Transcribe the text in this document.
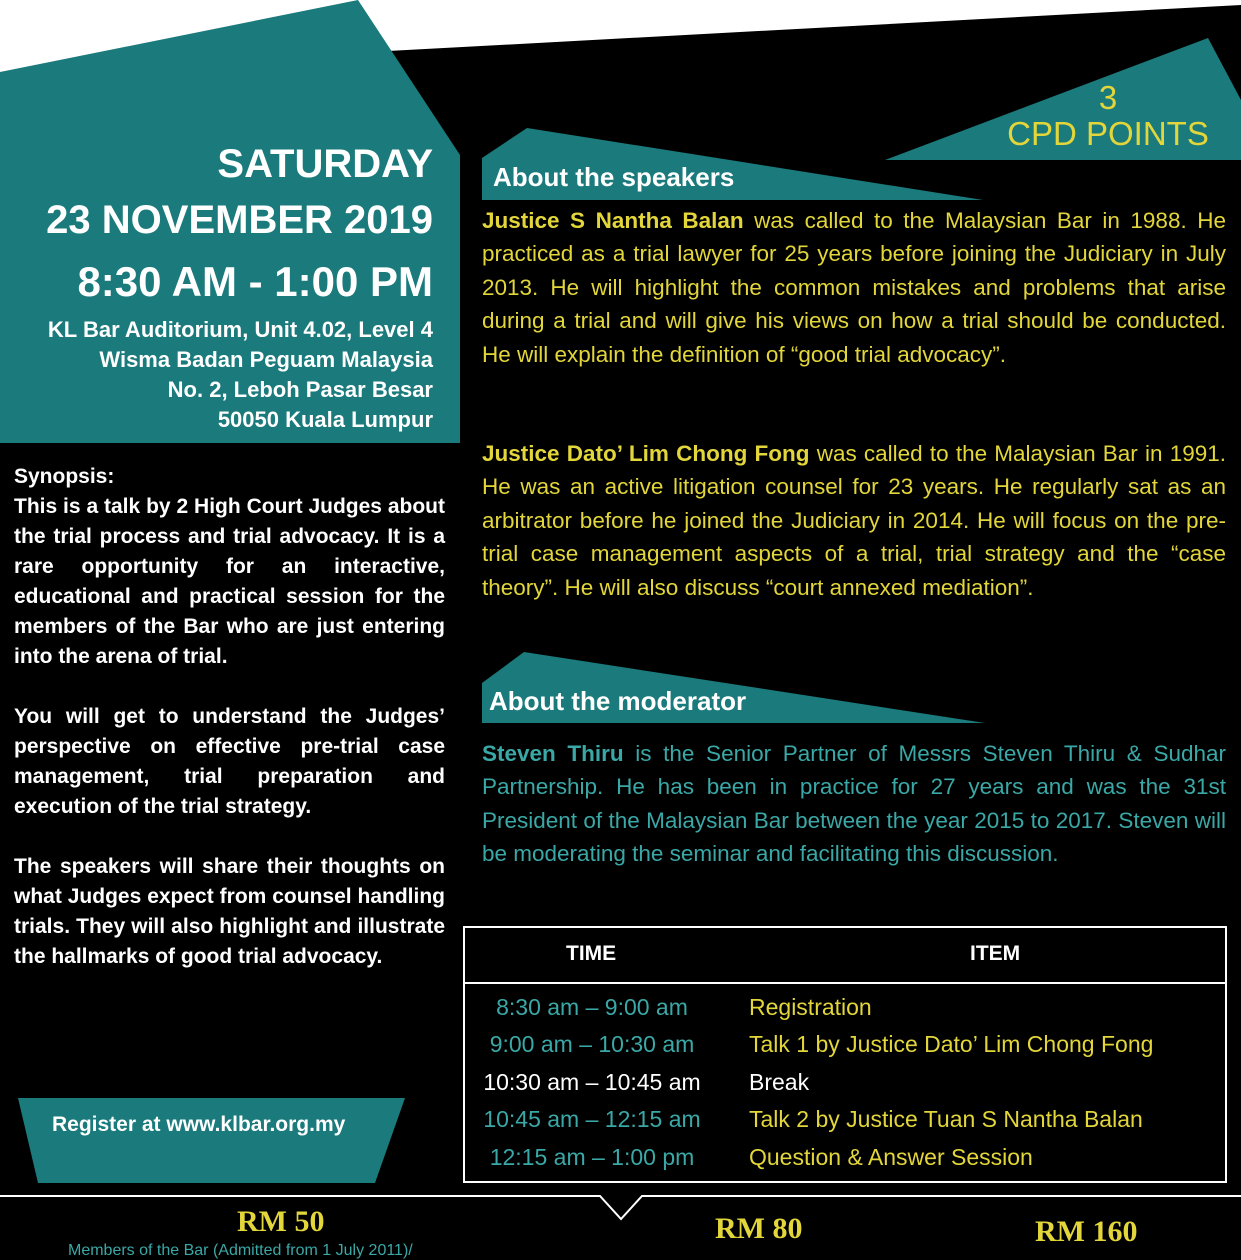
SATURDAY
23 NOVEMBER 2019
8:30 AM - 1:00 PM
KL Bar Auditorium, Unit 4.02, Level 4
Wisma Badan Peguam Malaysia
No. 2, Leboh Pasar Besar
50050 Kuala Lumpur
3
CPD POINTS
About the speakers
Justice S Nantha Balan was called to the Malaysian Bar in 1988. He practiced as a trial lawyer for 25 years before joining the Judiciary in July 2013. He will highlight the common mistakes and problems that arise during a trial and will give his views on how a trial should be conducted. He will explain the definition of “good trial advocacy”.
Justice Dato’ Lim Chong Fong was called to the Malaysian Bar in 1991. He was an active litigation counsel for 23 years. He regularly sat as an arbitrator before he joined the Judiciary in 2014. He will focus on the pre-trial case management aspects of a trial, trial strategy and the “case theory”. He will also discuss “court annexed mediation”.
About the moderator
Steven Thiru is the Senior Partner of Messrs Steven Thiru & Sudhar Partnership. He has been in practice for 27 years and was the 31st President of the Malaysian Bar between the year 2015 to 2017. Steven will be moderating the seminar and facilitating this discussion.

Synopsis:

This is a talk by 2 High Court Judges about the trial process and trial advocacy. It is a rare opportunity for an interactive, educational and practical session for the members of the Bar who are just entering into the arena of trial.

You will get to understand the Judges’ perspective on effective pre-trial case management, trial preparation and execution of the trial strategy.

The speakers will share their thoughts on what Judges expect from counsel handling trials. They will also highlight and illustrate the hallmarks of good trial advocacy.

Register at www.klbar.org.my
TIME	ITEM
8:30 am – 9:00 am	Registration
9:00 am – 10:30 am	Talk 1 by Justice Dato’ Lim Chong Fong
10:30 am – 10:45 am	Break
10:45 am – 12:15 am	Talk 2 by Justice Tuan S Nantha Balan
12:15 am – 1:00 pm	Question & Answer Session
RM 50	RM 80	RM 160
Members of the Bar (Admitted from 1 July 2011)/
